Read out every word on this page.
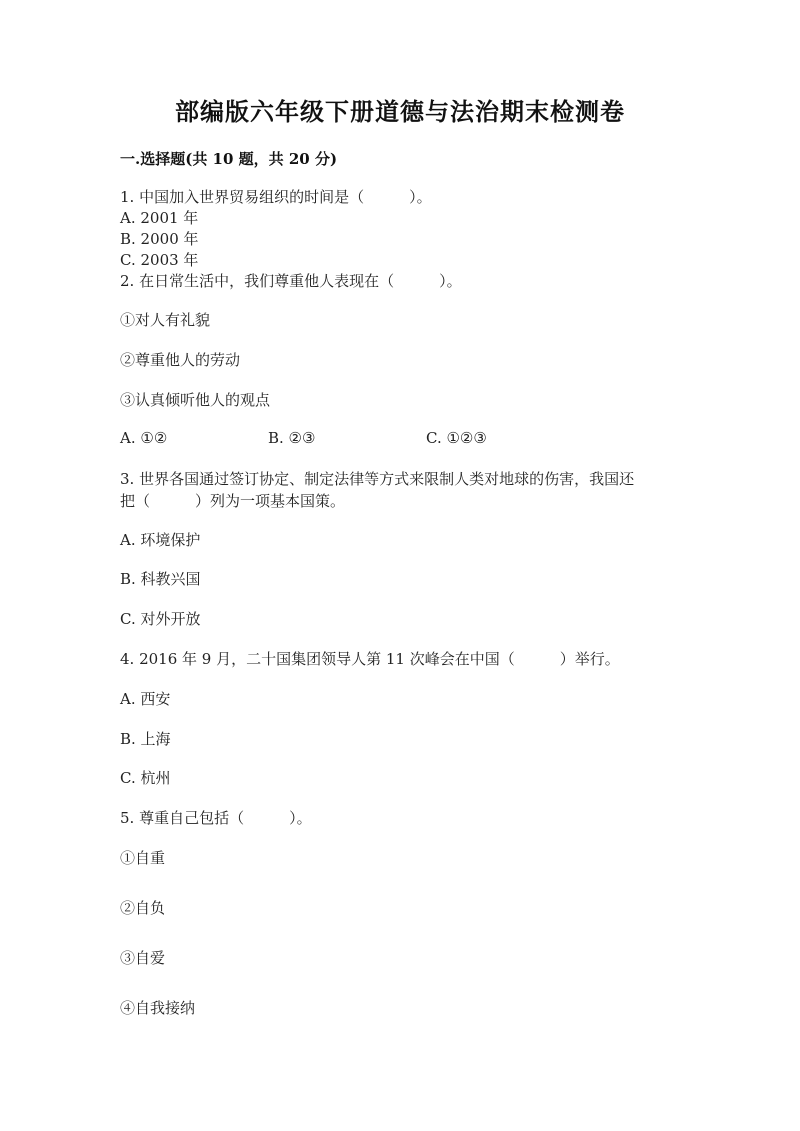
部编版六年级下册道德与法治期末检测卷
一.选择题(共 10 题，共 20 分)
1. 中国加入世界贸易组织的时间是（　　　）。
A. 2001 年
B. 2000 年
C. 2003 年
2. 在日常生活中，我们尊重他人表现在（　　　）。
①对人有礼貌
②尊重他人的劳动
③认真倾听他人的观点
A. ①②	B. ②③	C. ①②③
3. 世界各国通过签订协定、制定法律等方式来限制人类对地球的伤害，我国还
把（　　　）列为一项基本国策。
A. 环境保护
B. 科教兴国
C. 对外开放
4. 2016 年 9 月，二十国集团领导人第 11 次峰会在中国（　　　）举行。
A. 西安
B. 上海
C. 杭州
5. 尊重自己包括（　　　）。
①自重
②自负
③自爱
④自我接纳
